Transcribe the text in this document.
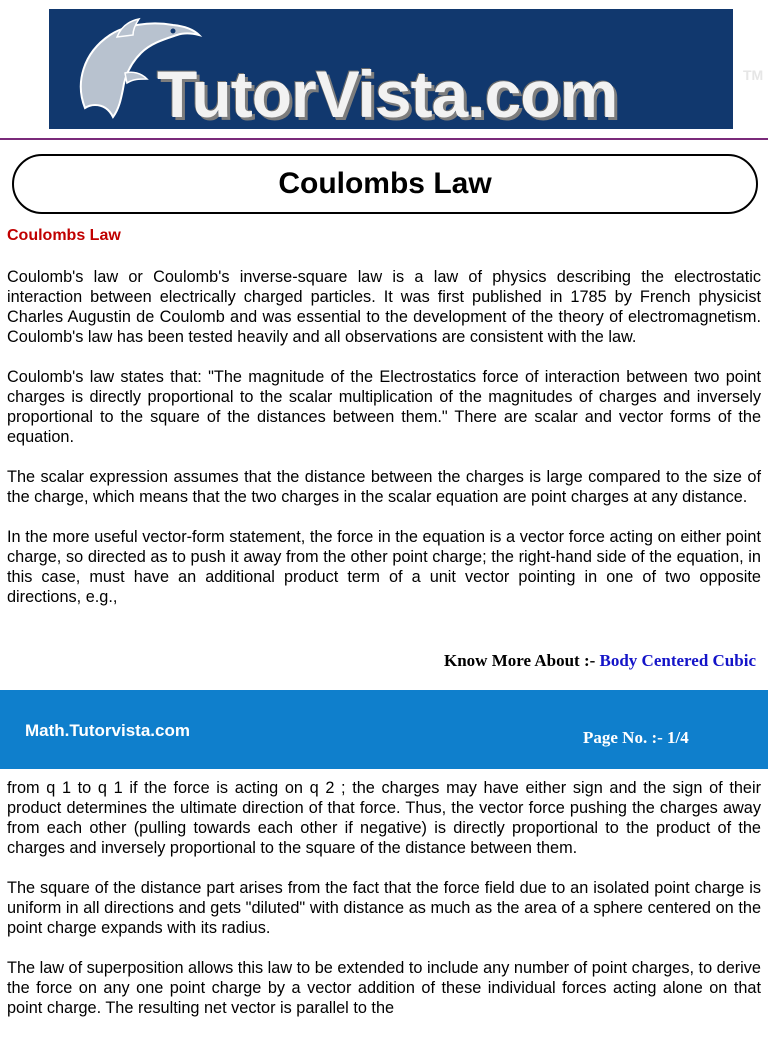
TutorVista.com	TM
Coulombs Law
Coulombs Law

Coulomb's law or Coulomb's inverse-square law is a law of physics describing the electrostatic interaction between electrically charged particles. It was first published in 1785 by French physicist Charles Augustin de Coulomb and was essential to the development of the theory of electromagnetism. Coulomb's law has been tested heavily and all observations are consistent with the law.

Coulomb's law states that: "The magnitude of the Electrostatics force of interaction between two point charges is directly proportional to the scalar multiplication of the magnitudes of charges and inversely proportional to the square of the distances between them." There are scalar and vector forms of the equation.

The scalar expression assumes that the distance between the charges is large compared to the size of the charge, which means that the two charges in the scalar equation are point charges at any distance.

In the more useful vector-form statement, the force in the equation is a vector force acting on either point charge, so directed as to push it away from the other point charge; the right-hand side of the equation, in this case, must have an additional product term of a unit vector pointing in one of two opposite directions, e.g.,

Know More About :- Body Centered Cubic
Math.Tutorvista.com	Page No. :- 1/4

from q 1 to q 1 if the force is acting on q 2 ; the charges may have either sign and the sign of their product determines the ultimate direction of that force. Thus, the vector force pushing the charges away from each other (pulling towards each other if negative) is directly proportional to the product of the charges and inversely proportional to the square of the distance between them.

The square of the distance part arises from the fact that the force field due to an isolated point charge is uniform in all directions and gets "diluted" with distance as much as the area of a sphere centered on the point charge expands with its radius.

The law of superposition allows this law to be extended to include any number of point charges, to derive the force on any one point charge by a vector addition of these individual forces acting alone on that point charge. The resulting net vector is parallel to the
